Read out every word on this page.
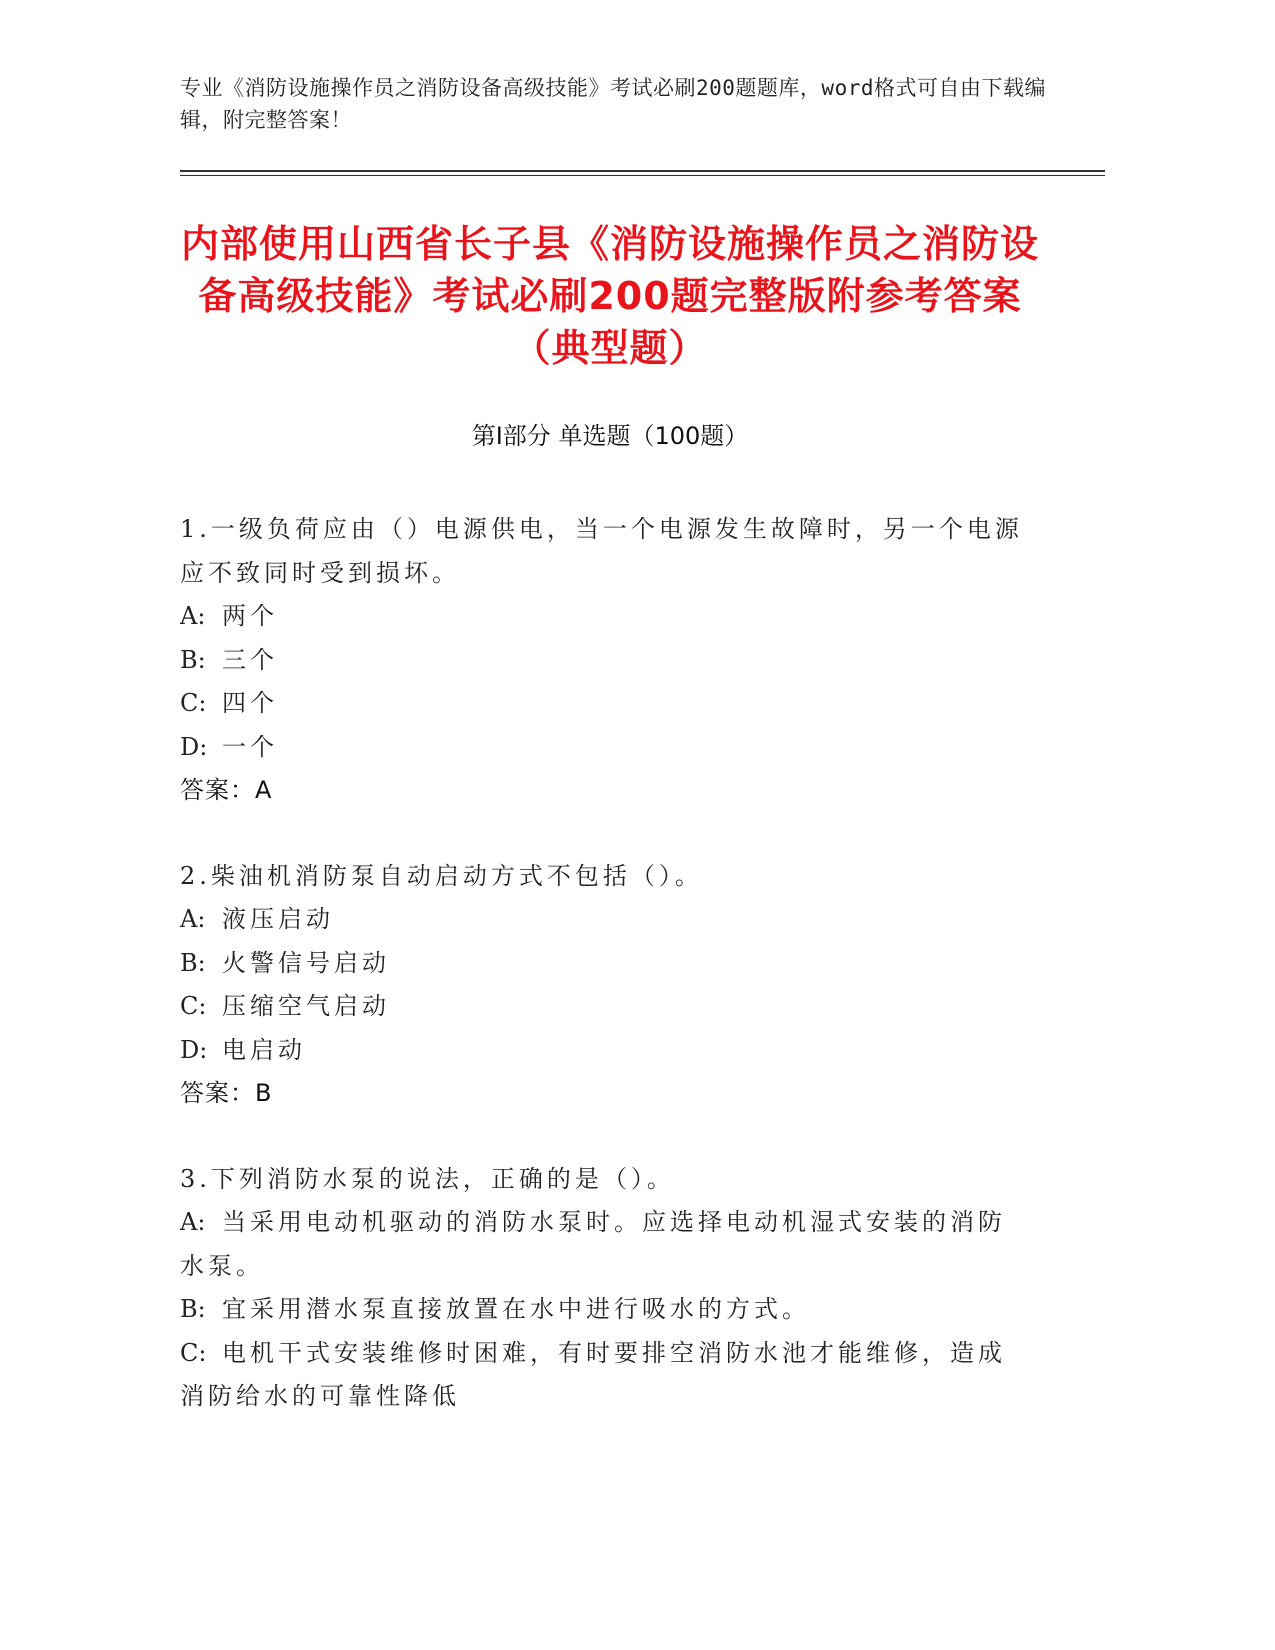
专业《消防设施操作员之消防设备高级技能》考试必刷200题题库，word格式可自由下载编辑，附完整答案！
内部使用山西省长子县《消防设施操作员之消防设备高级技能》考试必刷200题完整版附参考答案（典型题）
第Ⅰ部分 单选题（100题）
1.一级负荷应由（）电源供电，当一个电源发生故障时，另一个电源应不致同时受到损坏。
A: 两个
B: 三个
C: 四个
D: 一个
答案：A
2.柴油机消防泵自动启动方式不包括（）。
A: 液压启动
B: 火警信号启动
C: 压缩空气启动
D: 电启动
答案：B
3.下列消防水泵的说法，正确的是（）。
A: 当采用电动机驱动的消防水泵时。应选择电动机湿式安装的消防水泵。
B: 宜采用潜水泵直接放置在水中进行吸水的方式。
C: 电机干式安装维修时困难，有时要排空消防水池才能维修，造成消防给水的可靠性降低
